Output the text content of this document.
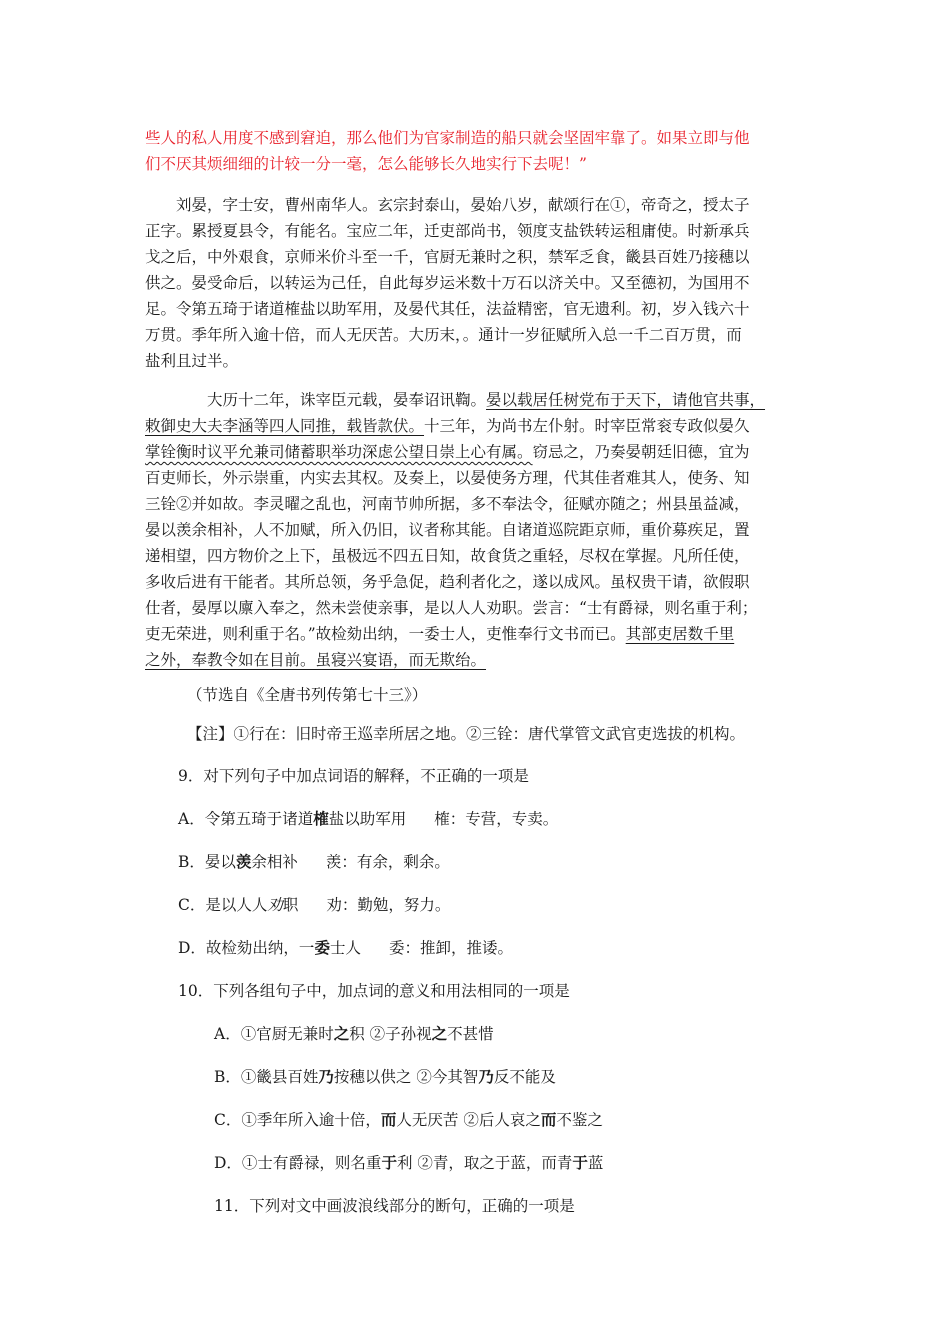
些人的私人用度不感到窘迫，那么他们为官家制造的船只就会坚固牢靠了。如果立即与他
们不厌其烦细细的计较一分一毫，怎么能够长久地实行下去呢！”
刘晏，字士安，曹州南华人。玄宗封泰山，晏始八岁，献颂行在①，帝奇之，授太子
正字。累授夏县令，有能名。宝应二年，迁吏部尚书，领度支盐铁转运租庸使。时新承兵
戈之后，中外艰食，京师米价斗至一千，官厨无兼时之积，禁军乏食，畿县百姓乃接穗以
供之。晏受命后，以转运为己任，自此每岁运米数十万石以济关中。又至德初，为国用不
足。令第五琦于诸道榷盐以助军用，及晏代其任，法益精密，官无遗利。初，岁入钱六十
万贯。季年所入逾十倍，而人无厌苦。大历末，。通计一岁征赋所入总一千二百万贯，而
盐利且过半。
大历十二年，诛宰臣元载，晏奉诏讯鞫。晏以载居任树党布于天下，请他官共事，
敕御史大夫李涵等四人同推，载皆款伏。十三年，为尚书左仆射。时宰臣常衮专政似晏久
掌铨衡时议平允兼司储蓄职举功深虑公望日崇上心有属。窃忌之，乃奏晏朝廷旧德，宜为
百吏师长，外示崇重，内实去其权。及奏上，以晏使务方理，代其佳者难其人，使务、知
三铨②并如故。李灵曜之乱也，河南节帅所据，多不奉法令，征赋亦随之；州县虽益减，
晏以羡余相补，人不加赋，所入仍旧，议者称其能。自诸道巡院距京师，重价募疾足，置
递相望，四方物价之上下，虽极远不四五日知，故食货之重轻，尽权在掌握。凡所任使，
多收后进有干能者。其所总领，务乎急促，趋利者化之，遂以成风。虽权贵干请，欲假职
仕者，晏厚以廪入奉之，然未尝使亲事，是以人人劝职。尝言：“士有爵禄，则名重于利；
吏无荣进，则利重于名。”故检劾出纳，一委士人，吏惟奉行文书而已。其部吏居数千里
之外，奉教令如在目前。虽寝兴宴语，而无欺绐。
（节选自《全唐书列传第七十三》）
【注】①行在：旧时帝王巡幸所居之地。②三铨：唐代掌管文武官吏选拔的机构。
9．对下列句子中加点词语的解释，不正确的一项是
A．令第五琦于诸道榷盐以助军用 榷：专营，专卖。
B．晏以羡余相补 羡：有余，剩余。
C．是以人人劝职 劝：勤勉，努力。
D．故检劾出纳，一委士人 委：推卸，推诿。
10．下列各组句子中，加点词的意义和用法相同的一项是
A．①官厨无兼时之积 ②子孙视之不甚惜
B．①畿县百姓乃按穗以供之 ②今其智乃反不能及
C．①季年所入逾十倍，而人无厌苦 ②后人哀之而不鉴之
D．①士有爵禄，则名重于利 ②青，取之于蓝，而青于蓝
11．下列对文中画波浪线部分的断句，正确的一项是
